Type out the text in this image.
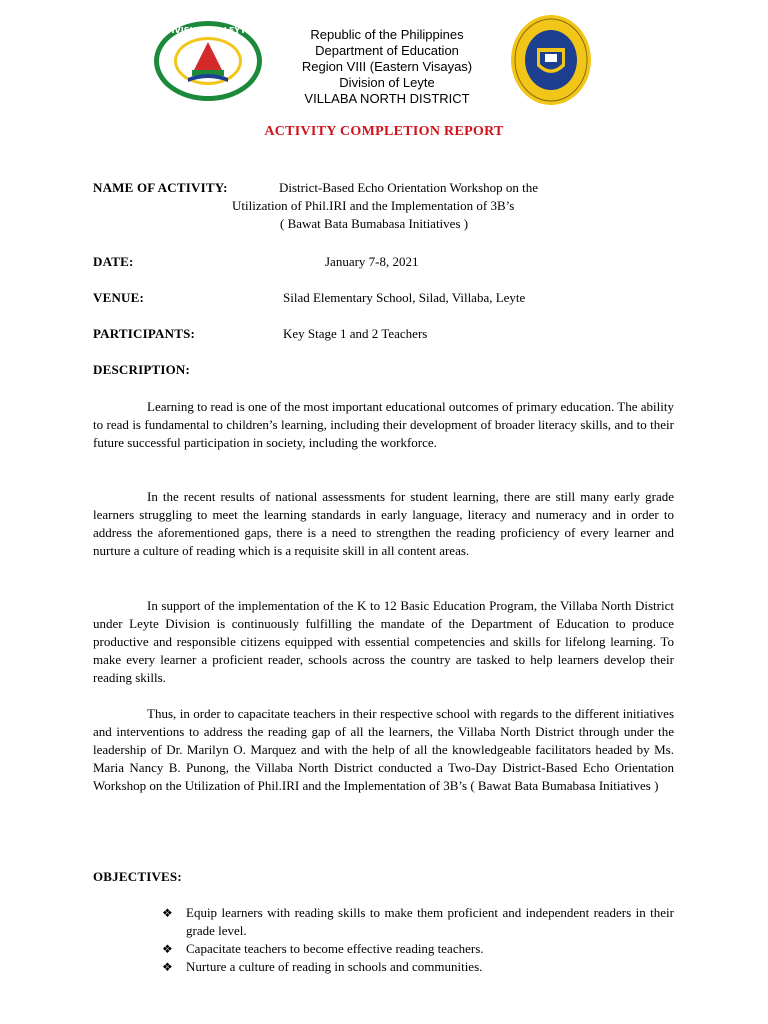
DIVISION OF LEYTE	Republic of the Philippines
Department of Education
Region VIII (Eastern Visayas)
Division of Leyte
VILLABA NORTH DISTRICT
ACTIVITY COMPLETION REPORT
NAME OF ACTIVITY:	District-Based Echo Orientation Workshop on the
Utilization of Phil.IRI and the Implementation of 3B’s
( Bawat Bata Bumabasa Initiatives )
DATE:	January 7-8, 2021
VENUE:	Silad Elementary School, Silad, Villaba, Leyte
PARTICIPANTS:	Key Stage 1 and 2 Teachers
DESCRIPTION:

Learning to read is one of the most important educational outcomes of primary education. The ability to read is fundamental to children’s learning, including their development of broader literacy skills, and to their future successful participation in society, including the workforce.

In the recent results of national assessments for student learning, there are still many early grade learners struggling to meet the learning standards in early language, literacy and numeracy and in order to address the aforementioned gaps, there is a need to strengthen the reading proficiency of every learner and nurture a culture of reading which is a requisite skill in all content areas.

In support of the implementation of the K to 12 Basic Education Program, the Villaba North District under Leyte Division is continuously fulfilling the mandate of the Department of Education to produce productive and responsible citizens equipped with essential competencies and skills for lifelong learning. To make every learner a proficient reader, schools across the country are tasked to help learners develop their reading skills.

Thus, in order to capacitate teachers in their respective school with regards to the different initiatives and interventions to address the reading gap of all the learners, the Villaba North District through under the leadership of Dr. Marilyn O. Marquez and with the help of all the knowledgeable facilitators headed by Ms. Maria Nancy B. Punong, the Villaba North District conducted a Two-Day District-Based Echo Orientation Workshop on the Utilization of Phil.IRI and the Implementation of 3B’s ( Bawat Bata Bumabasa Initiatives )

OBJECTIVES:
❖ Equip learners with reading skills to make them proficient and independent readers in their grade level.
❖ Capacitate teachers to become effective reading teachers.
❖ Nurture a culture of reading in schools and communities.
